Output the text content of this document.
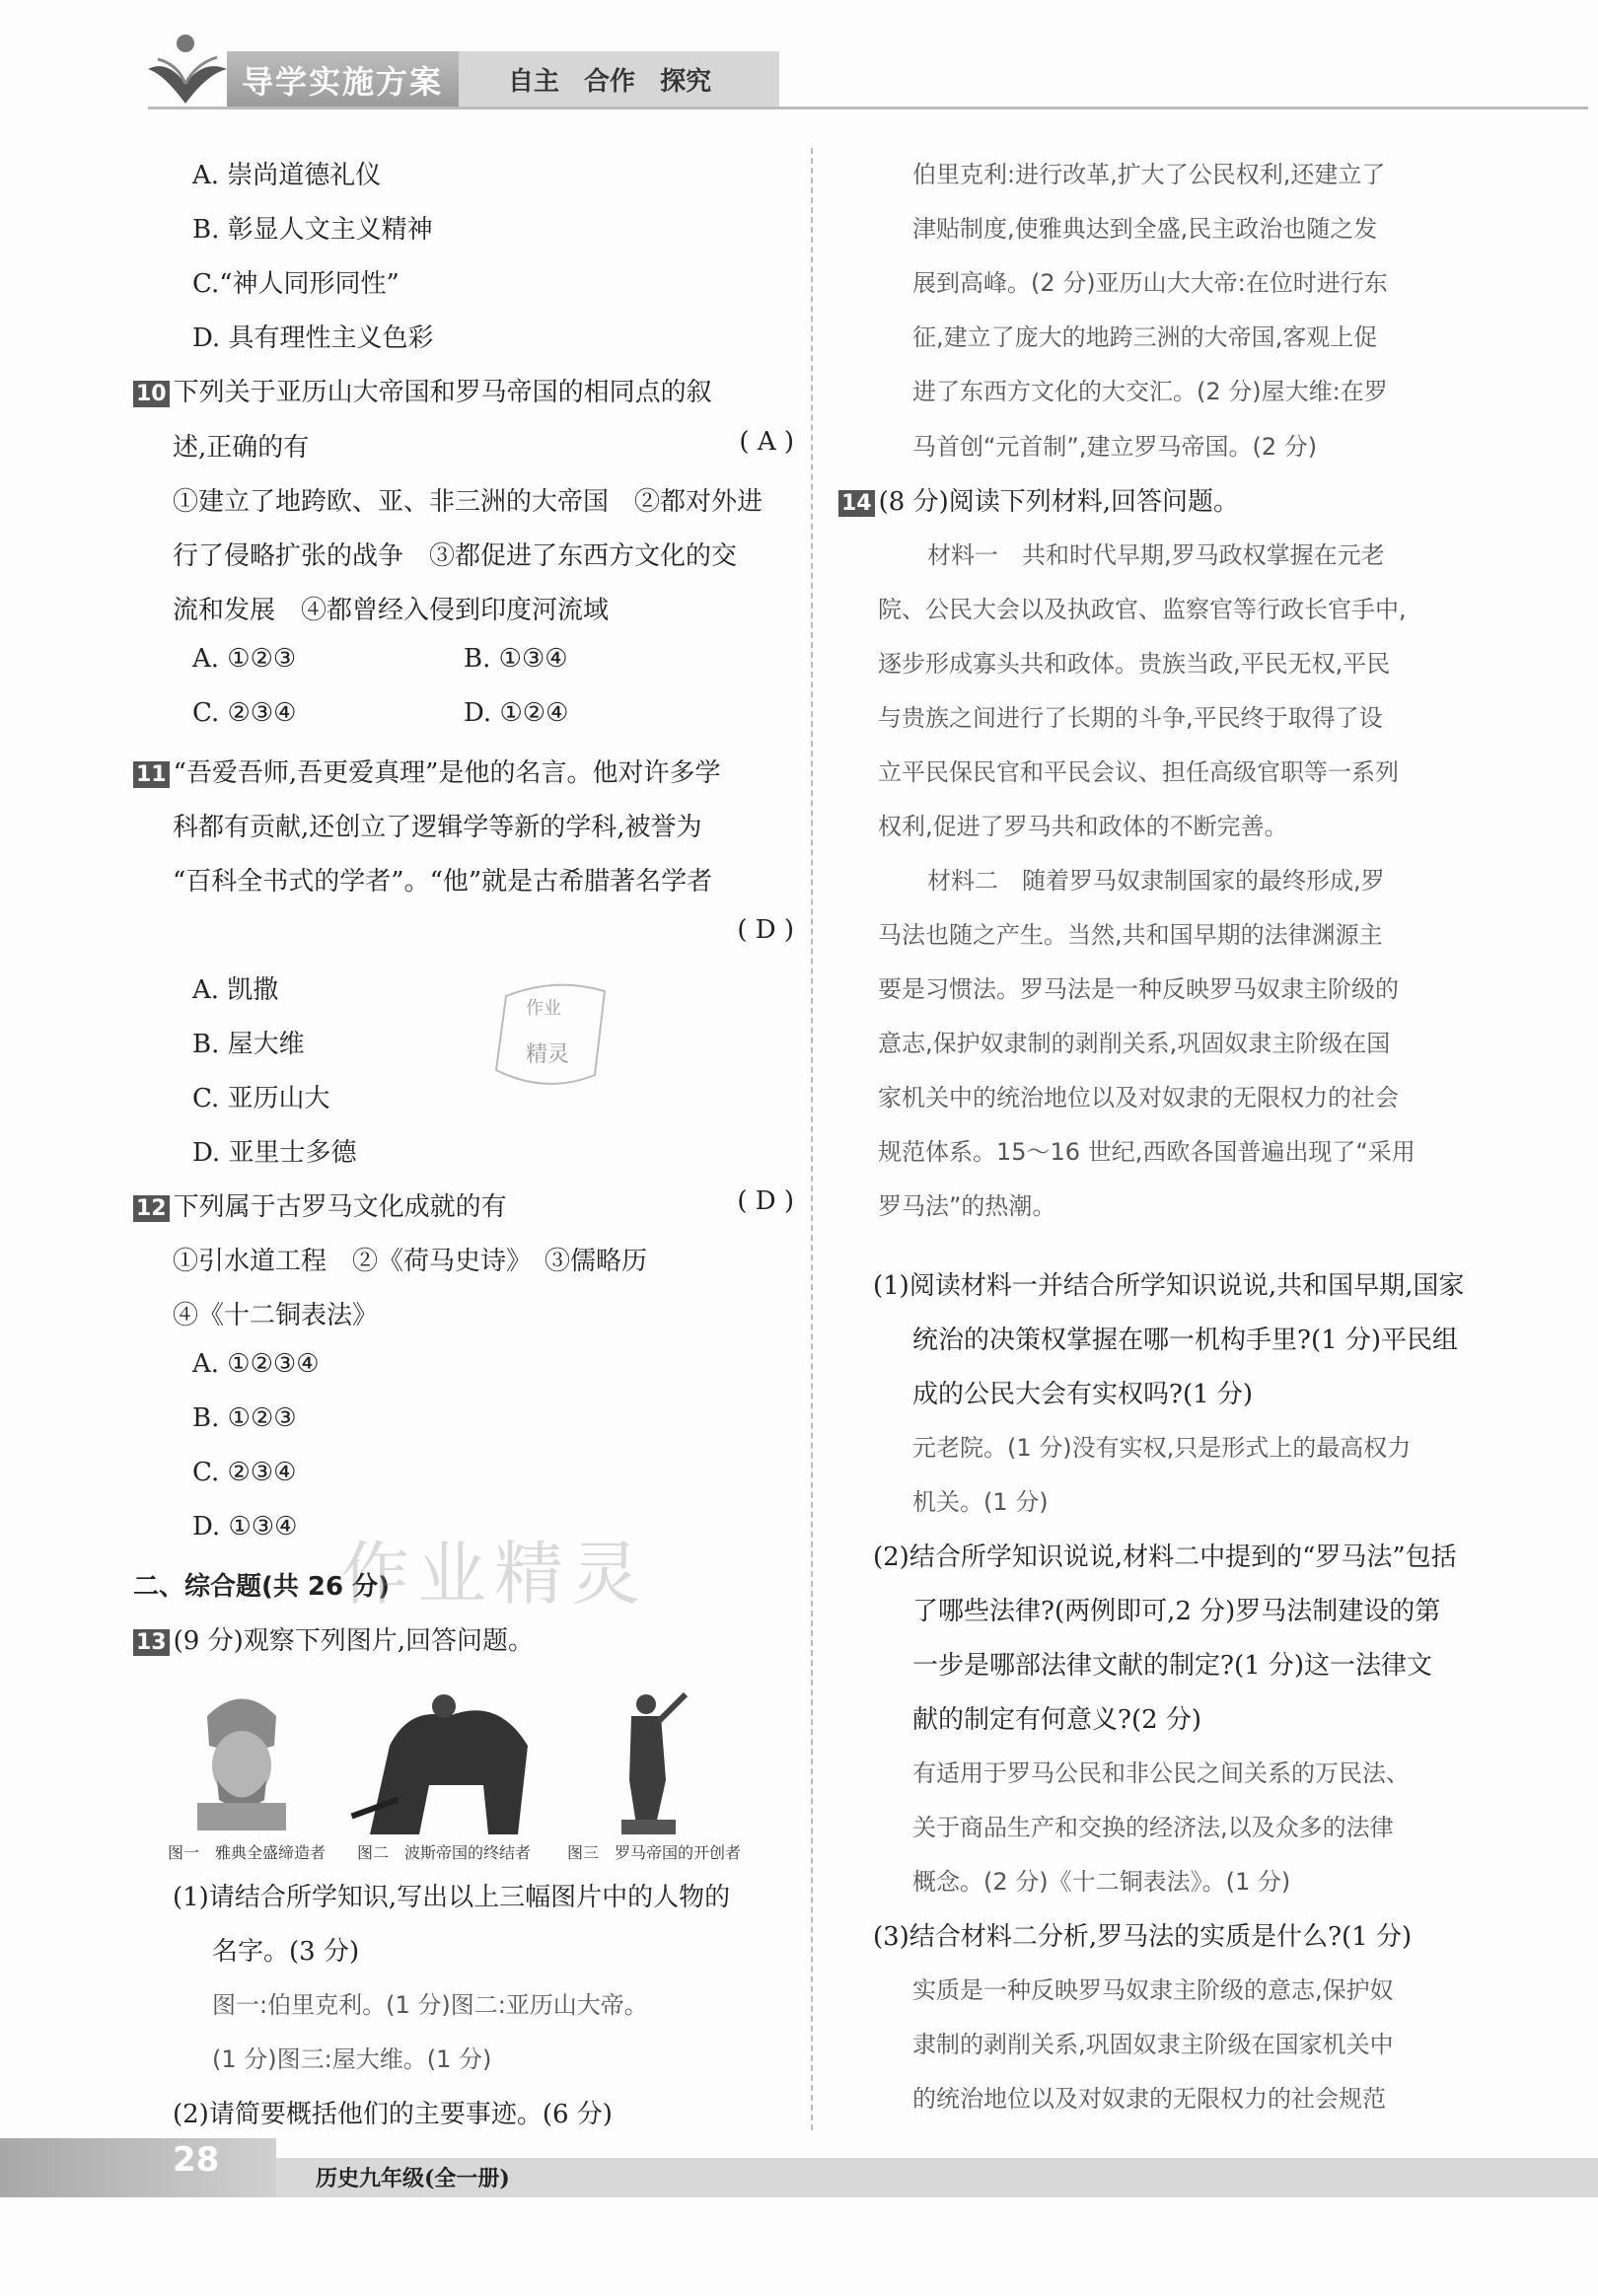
导学实施方案	自主 合作 探究
A. 崇尚道德礼仪
B. 彰显人文主义精神
C.“神人同形同性”
D. 具有理性主义色彩
10 下列关于亚历山大帝国和罗马帝国的相同点的叙
述,正确的有	( A )
①建立了地跨欧、亚、非三洲的大帝国　②都对外进
行了侵略扩张的战争　③都促进了东西方文化的交
流和发展　④都曾经入侵到印度河流域
A. ①②③	B. ①③④
C. ②③④	D. ①②④
11 “吾爱吾师,吾更爱真理”是他的名言。他对许多学
科都有贡献,还创立了逻辑学等新的学科,被誉为
“百科全书式的学者”。“他”就是古希腊著名学者
( D )
A. 凯撒
B. 屋大维
C. 亚历山大
D. 亚里士多德
12 下列属于古罗马文化成就的有	( D )
①引水道工程　②《荷马史诗》　③儒略历
④《十二铜表法》
A. ①②③④
B. ①②③
C. ②③④
D. ①③④
二、综合题(共 26 分)
13 (9 分)观察下列图片,回答问题。
(1)请结合所学知识,写出以上三幅图片中的人物的
名字。(3 分)
图一:伯里克利。(1 分)图二:亚历山大帝。
(1 分)图三:屋大维。(1 分)
(2)请简要概括他们的主要事迹。(6 分)
作业
精灵
作业精灵
图一　雅典全盛缔造者 图二　波斯帝国的终结者 图三　罗马帝国的开创者
伯里克利:进行改革,扩大了公民权利,还建立了
津贴制度,使雅典达到全盛,民主政治也随之发
展到高峰。(2 分)亚历山大大帝:在位时进行东
征,建立了庞大的地跨三洲的大帝国,客观上促
进了东西方文化的大交汇。(2 分)屋大维:在罗
马首创“元首制”,建立罗马帝国。(2 分)
14 (8 分)阅读下列材料,回答问题。
材料一　共和时代早期,罗马政权掌握在元老
院、公民大会以及执政官、监察官等行政长官手中,
逐步形成寡头共和政体。贵族当政,平民无权,平民
与贵族之间进行了长期的斗争,平民终于取得了设
立平民保民官和平民会议、担任高级官职等一系列
权利,促进了罗马共和政体的不断完善。
材料二　随着罗马奴隶制国家的最终形成,罗
马法也随之产生。当然,共和国早期的法律渊源主
要是习惯法。罗马法是一种反映罗马奴隶主阶级的
意志,保护奴隶制的剥削关系,巩固奴隶主阶级在国
家机关中的统治地位以及对奴隶的无限权力的社会
规范体系。15～16 世纪,西欧各国普遍出现了“采用
罗马法”的热潮。
(1)阅读材料一并结合所学知识说说,共和国早期,国家
统治的决策权掌握在哪一机构手里?(1 分)平民组
成的公民大会有实权吗?(1 分)
元老院。(1 分)没有实权,只是形式上的最高权力
机关。(1 分)
(2)结合所学知识说说,材料二中提到的“罗马法”包括
了哪些法律?(两例即可,2 分)罗马法制建设的第
一步是哪部法律文献的制定?(1 分)这一法律文
献的制定有何意义?(2 分)
有适用于罗马公民和非公民之间关系的万民法、
关于商品生产和交换的经济法,以及众多的法律
概念。(2 分)《十二铜表法》。(1 分)
(3)结合材料二分析,罗马法的实质是什么?(1 分)
实质是一种反映罗马奴隶主阶级的意志,保护奴
隶制的剥削关系,巩固奴隶主阶级在国家机关中
的统治地位以及对奴隶的无限权力的社会规范
28	历史九年级(全一册)
